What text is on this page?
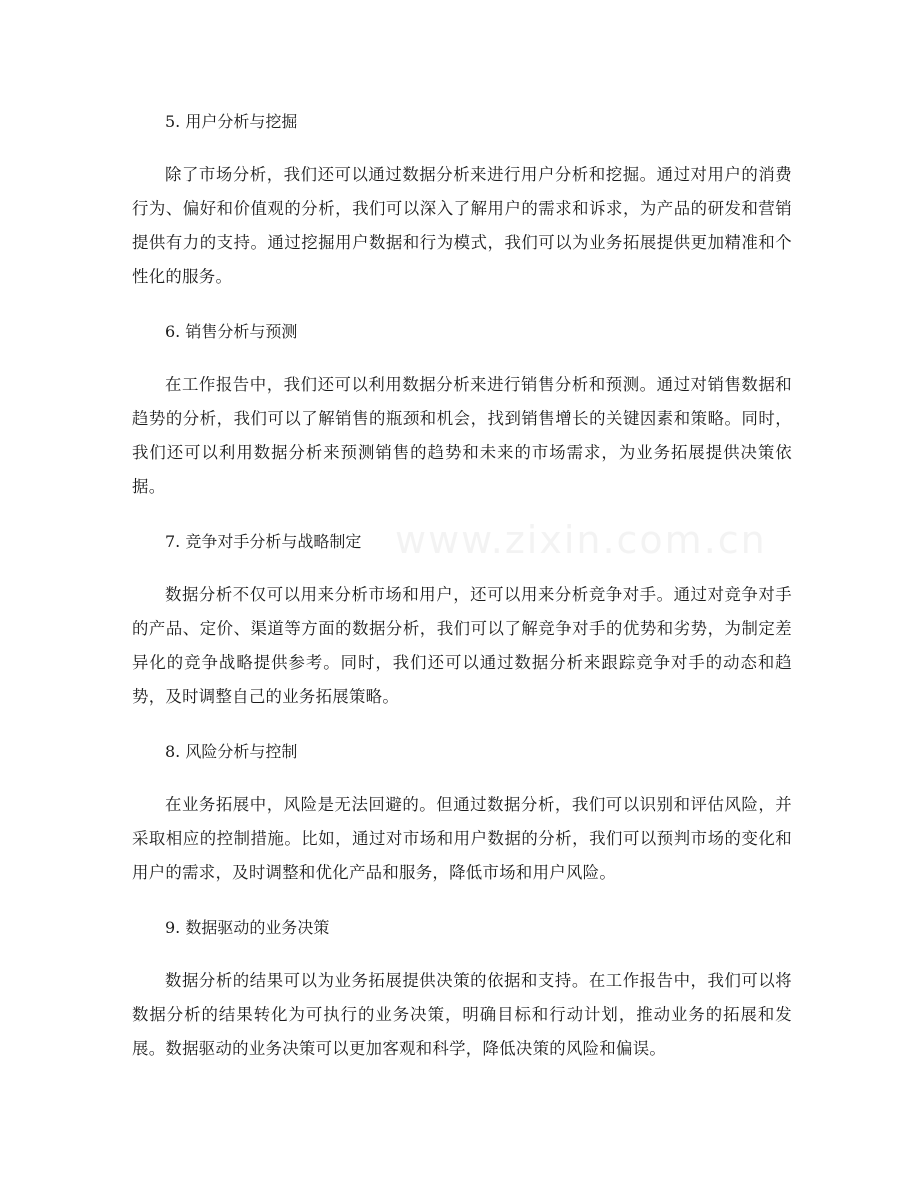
www.zixin.com.cn
5. 用户分析与挖掘

除了市场分析，我们还可以通过数据分析来进行用户分析和挖掘。通过对用户的消费行为、偏好和价值观的分析，我们可以深入了解用户的需求和诉求，为产品的研发和营销提供有力的支持。通过挖掘用户数据和行为模式，我们可以为业务拓展提供更加精准和个性化的服务。

6. 销售分析与预测

在工作报告中，我们还可以利用数据分析来进行销售分析和预测。通过对销售数据和趋势的分析，我们可以了解销售的瓶颈和机会，找到销售增长的关键因素和策略。同时，我们还可以利用数据分析来预测销售的趋势和未来的市场需求，为业务拓展提供决策依据。

7. 竞争对手分析与战略制定

数据分析不仅可以用来分析市场和用户，还可以用来分析竞争对手。通过对竞争对手的产品、定价、渠道等方面的数据分析，我们可以了解竞争对手的优势和劣势，为制定差异化的竞争战略提供参考。同时，我们还可以通过数据分析来跟踪竞争对手的动态和趋势，及时调整自己的业务拓展策略。

8. 风险分析与控制

在业务拓展中，风险是无法回避的。但通过数据分析，我们可以识别和评估风险，并采取相应的控制措施。比如，通过对市场和用户数据的分析，我们可以预判市场的变化和用户的需求，及时调整和优化产品和服务，降低市场和用户风险。

9. 数据驱动的业务决策

数据分析的结果可以为业务拓展提供决策的依据和支持。在工作报告中，我们可以将数据分析的结果转化为可执行的业务决策，明确目标和行动计划，推动业务的拓展和发展。数据驱动的业务决策可以更加客观和科学，降低决策的风险和偏误。
